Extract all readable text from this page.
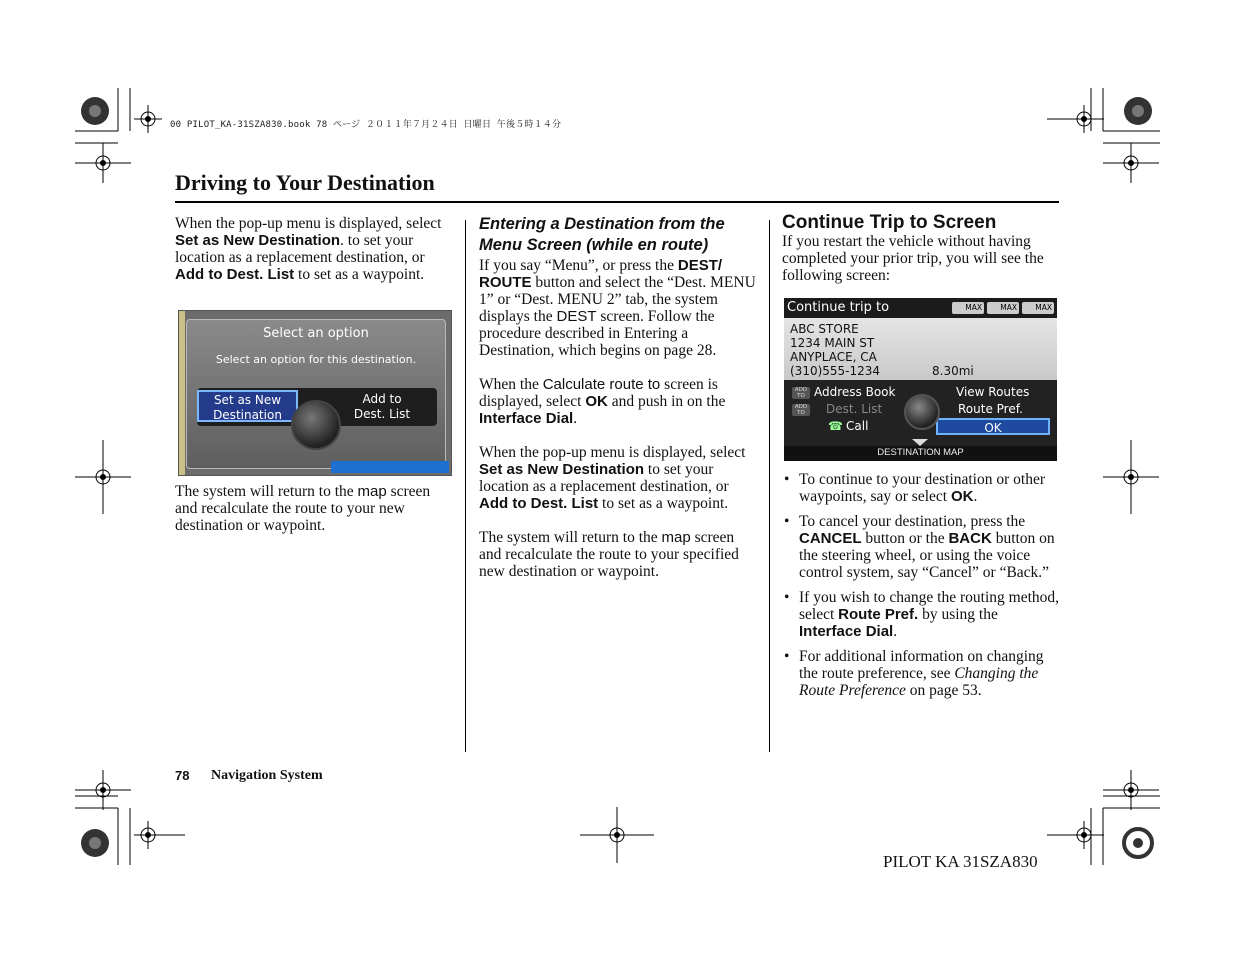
00 PILOT_KA-31SZA830.book 78 ページ ２０１１年７月２４日 日曜日 午後５時１４分
Driving to Your Destination

When the pop-up menu is displayed, select Set as New Destination. to set your location as a replacement destination, or Add to Dest. List to set as a waypoint.

Select an option
Select an option for this destination.
Set as New
Destination
Add to
Dest. List

The system will return to the map screen and recalculate the route to your new destination or waypoint.

Entering a Destination from the Menu Screen (while en route)

If you say “Menu”, or press the DEST/ ROUTE button and select the “Dest. MENU 1” or “Dest. MENU 2” tab, the system displays the DEST screen. Follow the procedure described in Entering a Destination, which begins on page 28.

When the Calculate route to screen is displayed, select OK and push in on the Interface Dial.

When the pop-up menu is displayed, select Set as New Destination to set your location as a replacement destination, or Add to Dest. List to set as a waypoint.

The system will return to the map screen and recalculate the route to your specified new destination or waypoint.

Continue Trip to Screen

If you restart the vehicle without having completed your prior trip, you will see the following screen:

Continue trip to	MAX	MAX	MAX
ABC STORE
1234 MAIN ST
ANYPLACE, CA
(310)555-1234	8.30mi
ADD TO Address Book	View Routes
ADD TO	Dest. List	Route Pref.
☎ Call	OK
DESTINATION MAP
• To continue to your destination or other waypoints, say or select OK.
• To cancel your destination, press the CANCEL button or the BACK button on the steering wheel, or using the voice control system, say “Cancel” or “Back.”
• If you wish to change the routing method, select Route Pref. by using the Interface Dial.
• For additional information on changing the route preference, see Changing the Route Preference on page 53.
78 Navigation System
PILOT KA 31SZA830
